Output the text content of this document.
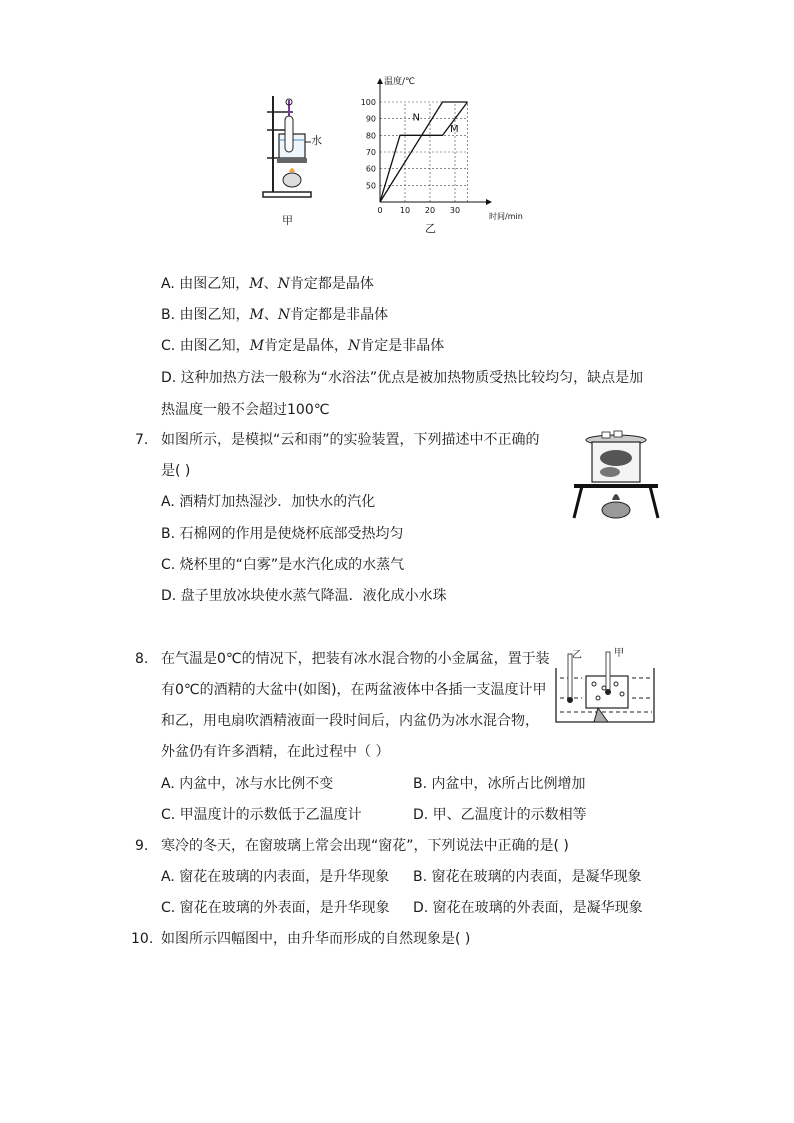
水
甲
50
60
70
80
90
100
0 10 20 30
温度/℃
时间/min
N
M
乙
A. 由图乙知，M、N肯定都是晶体
B. 由图乙知，M、N肯定都是非晶体
C. 由图乙知，M肯定是晶体，N肯定是非晶体
D. 这种加热方法一般称为“水浴法”优点是被加热物质受热比较均匀，缺点是加
热温度一般不会超过100℃
7. 如图所示，是模拟“云和雨”的实验装置，下列描述中不正确的
是( )
A. 酒精灯加热湿沙．加快水的汽化
B. 石棉网的作用是使烧杯底部受热均匀
C. 烧杯里的“白雾”是水汽化成的水蒸气
D. 盘子里放冰块使水蒸气降温．液化成小水珠
8. 在气温是0℃的情况下，把装有冰水混合物的小金属盆，置于装
有0℃的酒精的大盆中(如图)，在两盆液体中各插一支温度计甲
和乙，用电扇吹酒精液面一段时间后，内盆仍为冰水混合物，
外盆仍有许多酒精，在此过程中（ ）
A. 内盆中，冰与水比例不变	B. 内盆中，冰所占比例增加
C. 甲温度计的示数低于乙温度计	D. 甲、乙温度计的示数相等
乙	甲
9. 寒冷的冬天，在窗玻璃上常会出现“窗花”，下列说法中正确的是( )
A. 窗花在玻璃的内表面，是升华现象 B. 窗花在玻璃的内表面，是凝华现象
C. 窗花在玻璃的外表面，是升华现象 D. 窗花在玻璃的外表面，是凝华现象
10. 如图所示四幅图中，由升华而形成的自然现象是( )
